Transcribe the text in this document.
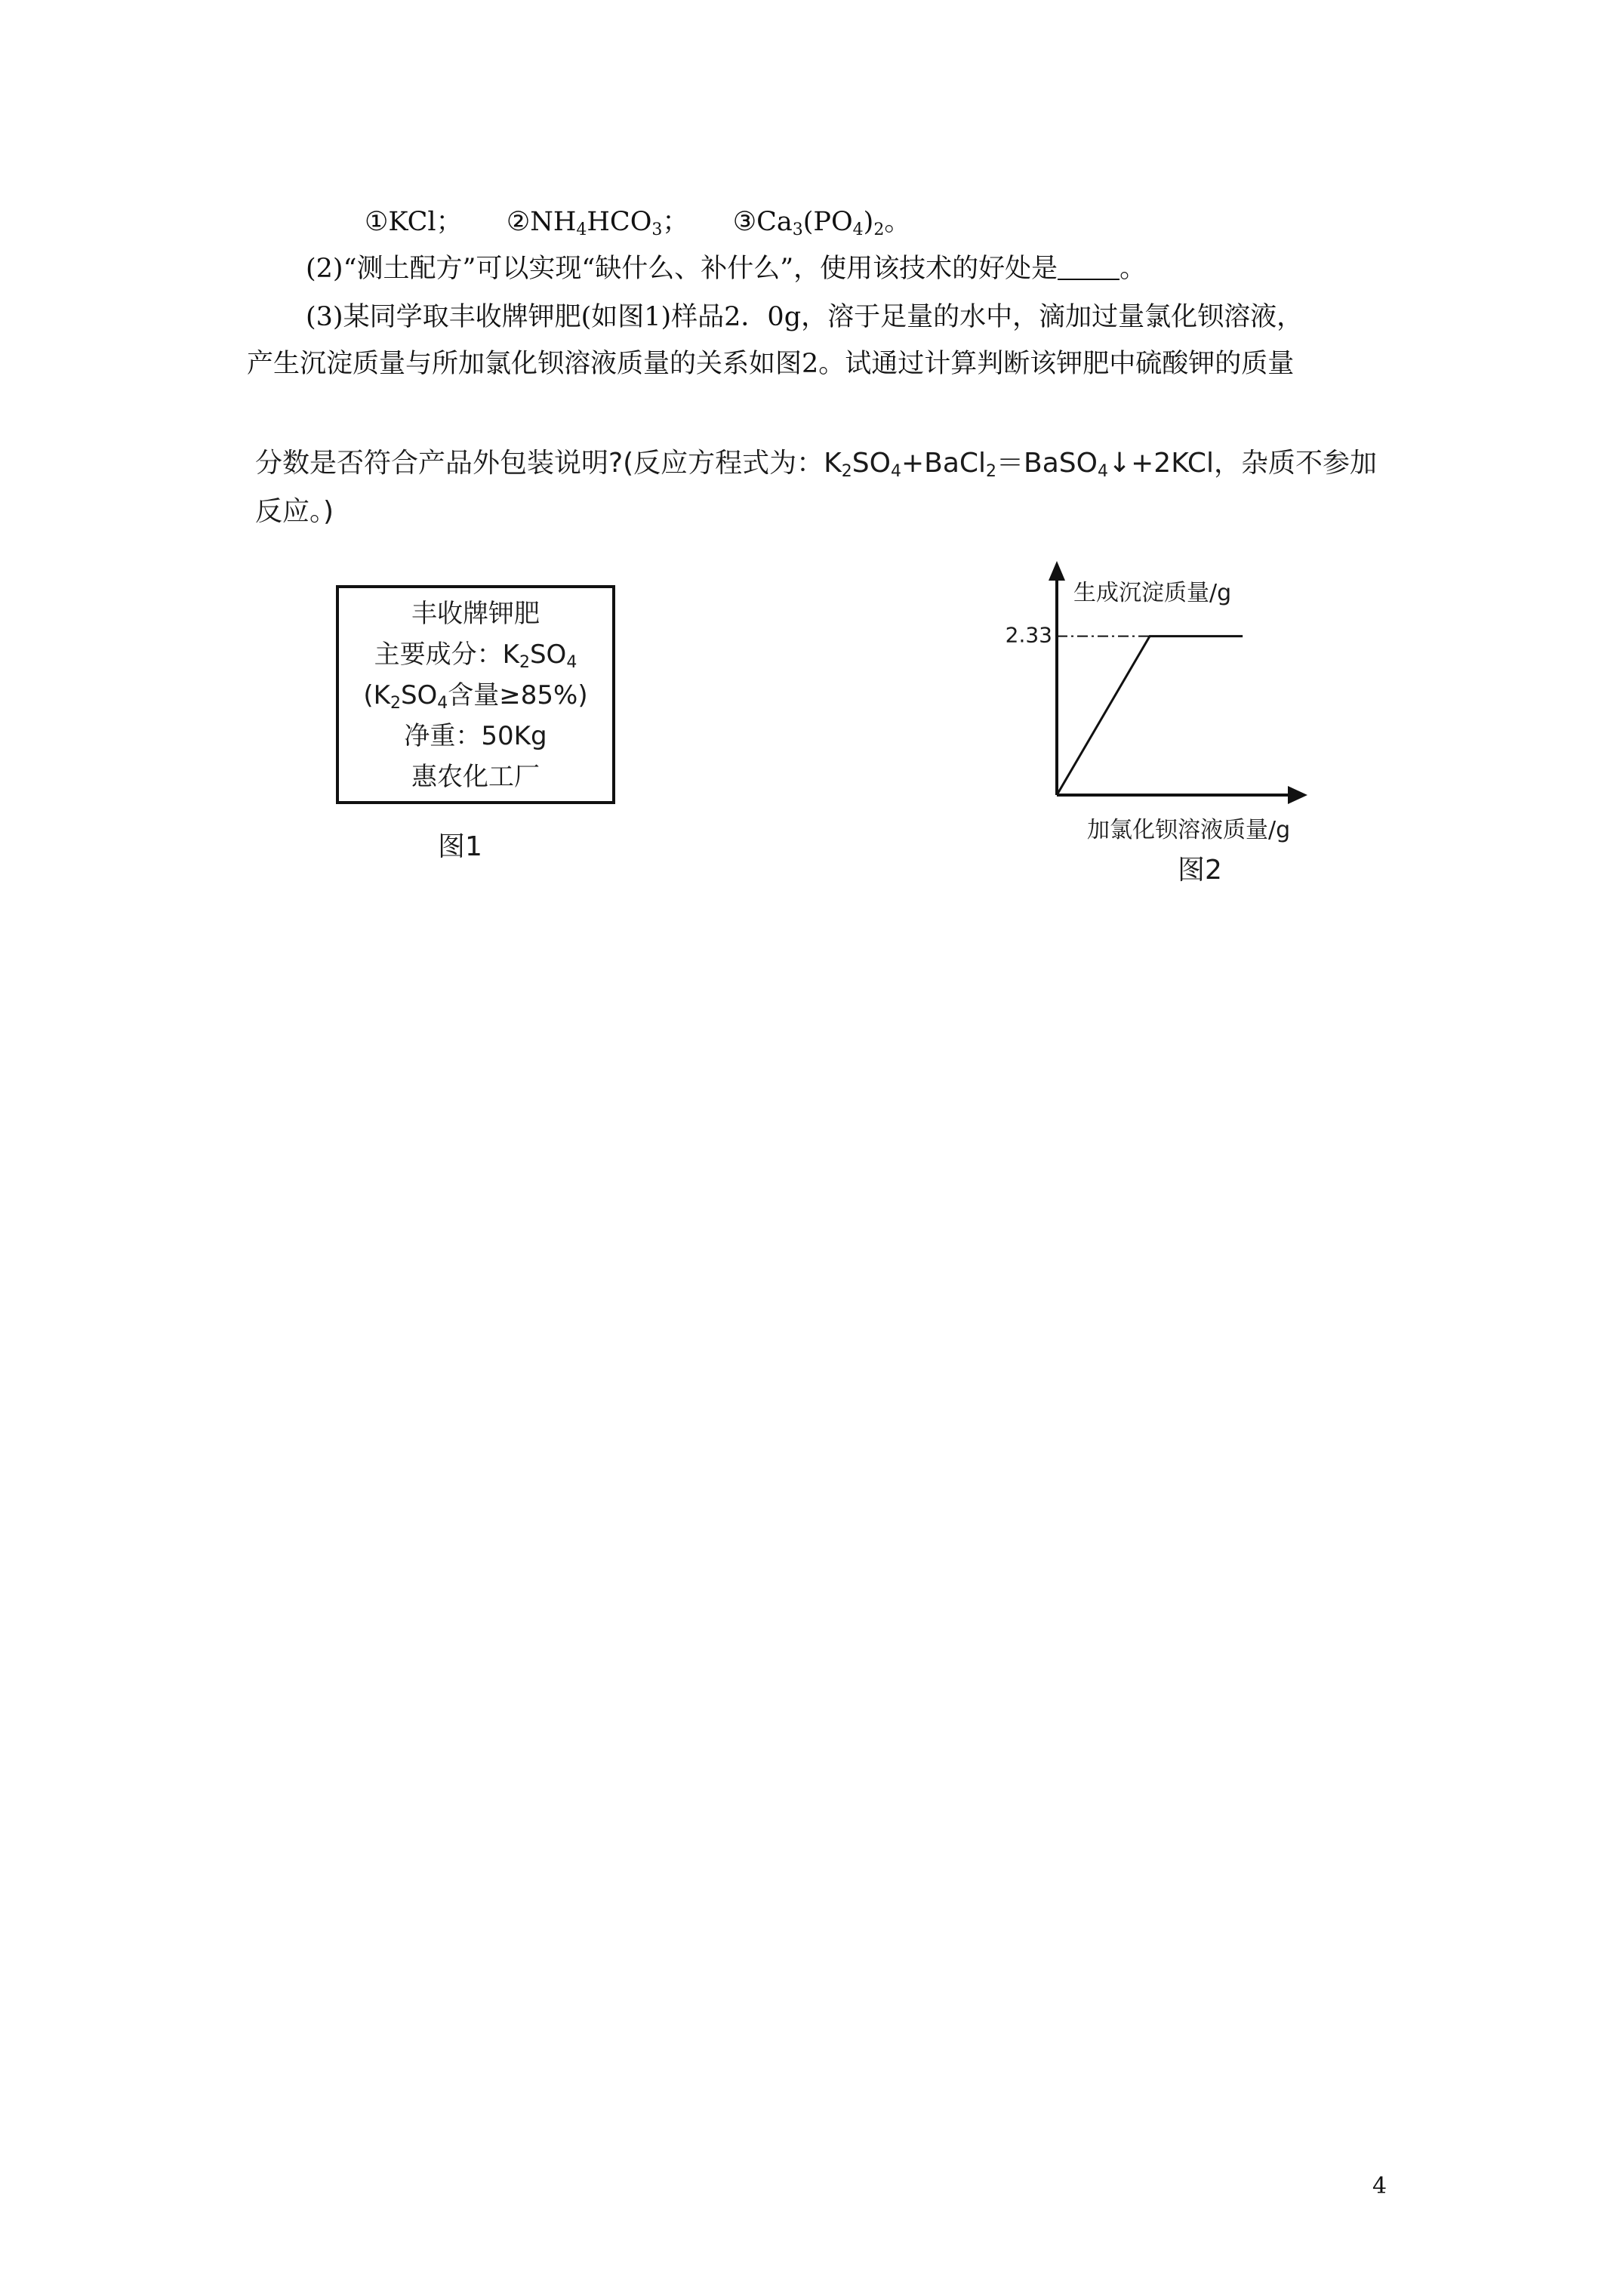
①KCl； $②NH_4HCO_3$； $③Ca_3(PO_4)_2$。
(2)“测土配方”可以实现“缺什么、补什么”，使用该技术的好处是 。
(3)某同学取丰收牌钾肥(如图1)样品2．0g，溶于足量的水中，滴加过量氯化钡溶液，
产生沉淀质量与所加氯化钡溶液质量的关系如图2。试通过计算判断该钾肥中硫酸钾的质量
分数是否符合产品外包装说明?(反应方程式为：$K_2SO_4+BaCl_2=BaSO_4↓+2KCl$，杂质不参加
反应。)
丰收牌钾肥
主要成分：$K_2SO_4$
($K_2SO_4$含量≥85%)
净重：50Kg
惠农化工厂
图1
生成沉淀质量/g
2.33
加氯化钡溶液质量/g
图2
4
